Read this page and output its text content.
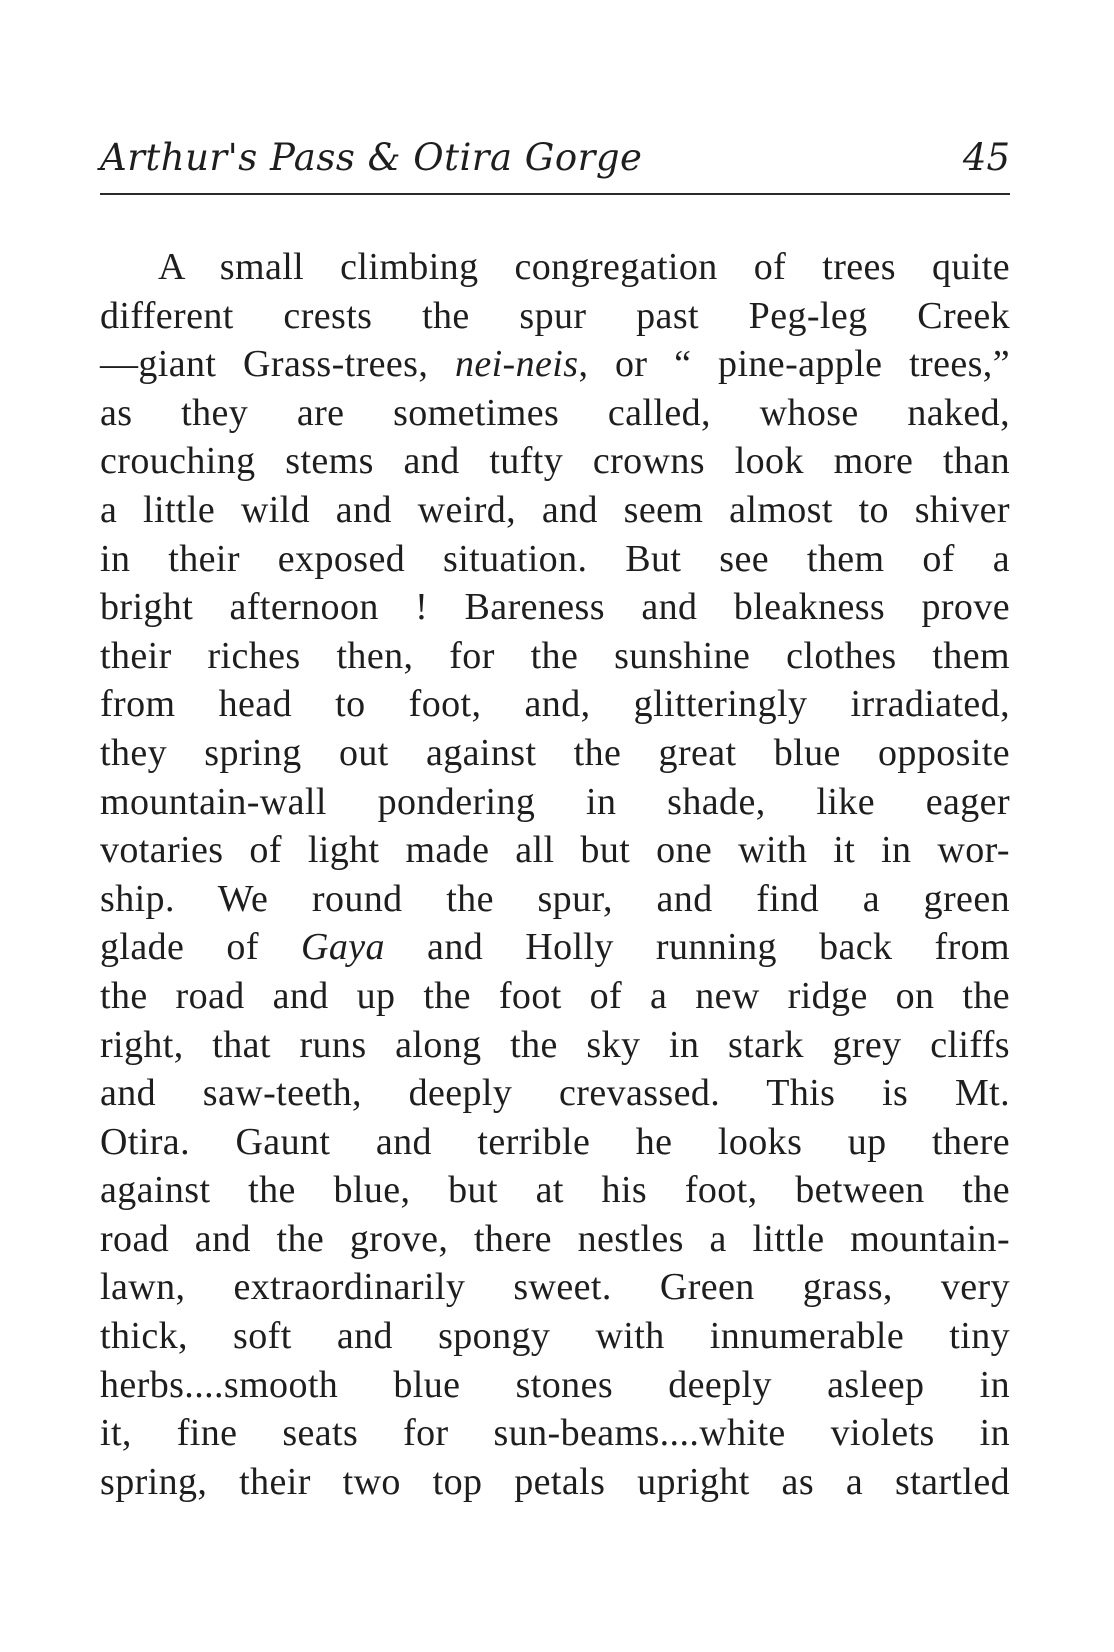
Arthur's Pass & Otira Gorge	45
A small climbing congregation of trees quite
different crests the spur past Peg-leg Creek
—giant Grass-trees, nei-neis, or “ pine-apple trees,”
as they are sometimes called, whose naked,
crouching stems and tufty crowns look more than
a little wild and weird, and seem almost to shiver
in their exposed situation. But see them of a
bright afternoon ! Bareness and bleakness prove
their riches then, for the sunshine clothes them
from head to foot, and, glitteringly irradiated,
they spring out against the great blue opposite
mountain-wall pondering in shade, like eager
votaries of light made all but one with it in wor-
ship. We round the spur, and find a green
glade of Gaya and Holly running back from
the road and up the foot of a new ridge on the
right, that runs along the sky in stark grey cliffs
and saw-teeth, deeply crevassed. This is Mt.
Otira. Gaunt and terrible he looks up there
against the blue, but at his foot, between the
road and the grove, there nestles a little mountain-
lawn, extraordinarily sweet. Green grass, very
thick, soft and spongy with innumerable tiny
herbs....smooth blue stones deeply asleep in
it, fine seats for sun-beams....white violets in
spring, their two top petals upright as a startled
